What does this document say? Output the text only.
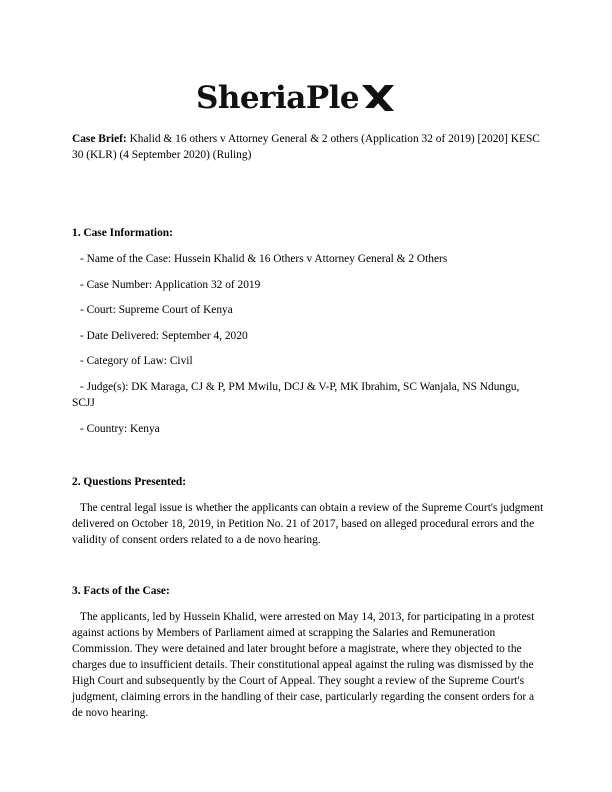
SheriaPle
Case Brief: Khalid & 16 others v Attorney General & 2 others (Application 32 of 2019) [2020] KESC 30 (KLR) (4 September 2020) (Ruling)
1. Case Information:
- Name of the Case: Hussein Khalid & 16 Others v Attorney General & 2 Others
- Case Number: Application 32 of 2019
- Court: Supreme Court of Kenya
- Date Delivered: September 4, 2020
- Category of Law: Civil
- Judge(s): DK Maraga, CJ & P, PM Mwilu, DCJ & V-P, MK Ibrahim, SC Wanjala, NS Ndungu, SCJJ
- Country: Kenya
2. Questions Presented:
The central legal issue is whether the applicants can obtain a review of the Supreme Court's judgment delivered on October 18, 2019, in Petition No. 21 of 2017, based on alleged procedural errors and the validity of consent orders related to a de novo hearing.
3. Facts of the Case:
The applicants, led by Hussein Khalid, were arrested on May 14, 2013, for participating in a protest against actions by Members of Parliament aimed at scrapping the Salaries and Remuneration Commission. They were detained and later brought before a magistrate, where they objected to the charges due to insufficient details. Their constitutional appeal against the ruling was dismissed by the High Court and subsequently by the Court of Appeal. They sought a review of the Supreme Court's judgment, claiming errors in the handling of their case, particularly regarding the consent orders for a de novo hearing.
